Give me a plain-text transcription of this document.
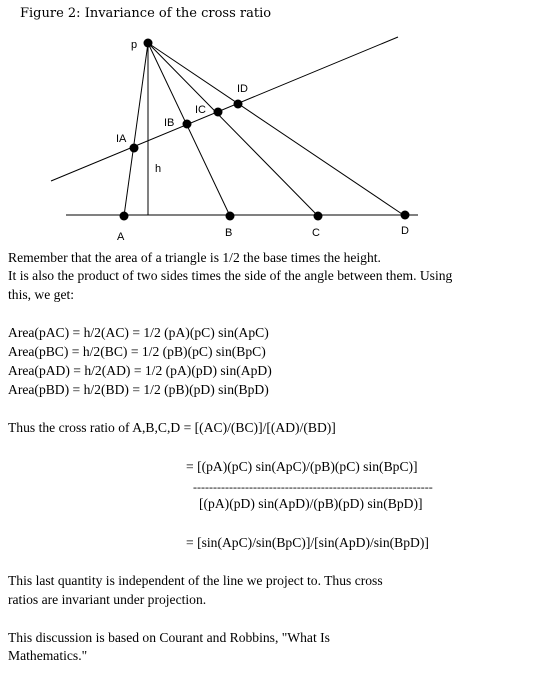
Figure 2: Invariance of the cross ratio
p
A	B	C	D
IA
IB
IC
ID
h
Remember that the area of a triangle is 1/2 the base times the height.
It is also the product of two sides times the side of the angle between them. Using
this, we get:
Area(pAC) = h/2(AC) = 1/2 (pA)(pC) sin(ApC)
Area(pBC) = h/2(BC) = 1/2 (pB)(pC) sin(BpC)
Area(pAD) = h/2(AD) = 1/2 (pA)(pD) sin(ApD)
Area(pBD) = h/2(BD) = 1/2 (pB)(pD) sin(BpD)
Thus the cross ratio of A,B,C,D = [(AC)/(BC)]/[(AD)/(BD)]
= [(pA)(pC) sin(ApC)/(pB)(pC) sin(BpC)]
------------------------------------------------------------
[(pA)(pD) sin(ApD)/(pB)(pD) sin(BpD)]
= [sin(ApC)/sin(BpC)]/[sin(ApD)/sin(BpD)]
This last quantity is independent of the line we project to. Thus cross
ratios are invariant under projection.
This discussion is based on Courant and Robbins, "What Is
Mathematics."
